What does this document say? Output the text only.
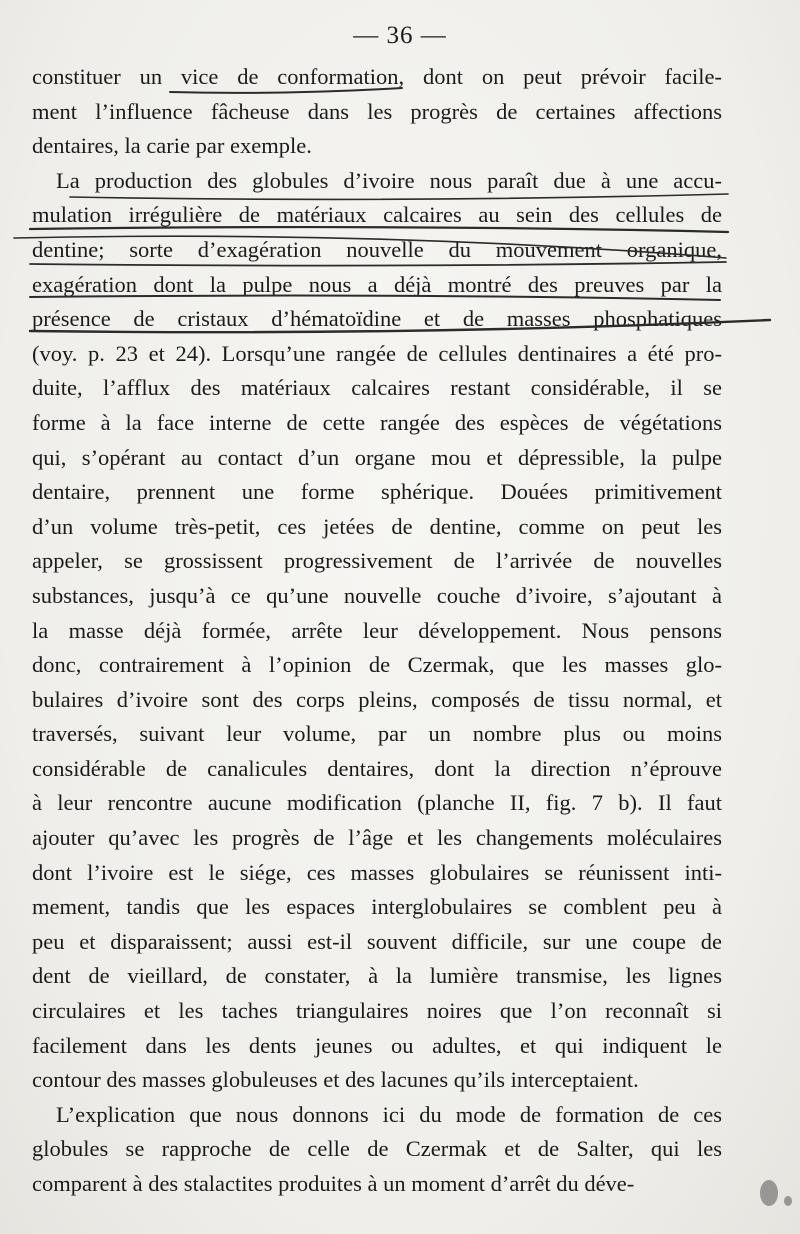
— 36 —
constituer un vice de conformation, dont on peut prévoir facile-
ment l’influence fâcheuse dans les progrès de certaines affections
dentaires, la carie par exemple.
La production des globules d’ivoire nous paraît due à une accu-
mulation irrégulière de matériaux calcaires au sein des cellules de
dentine; sorte d’exagération nouvelle du mouvement organique,
exagération dont la pulpe nous a déjà montré des preuves par la
présence de cristaux d’hématoïdine et de masses phosphatiques
(voy. p. 23 et 24). Lorsqu’une rangée de cellules dentinaires a été pro-
duite, l’afflux des matériaux calcaires restant considérable, il se
forme à la face interne de cette rangée des espèces de végétations
qui, s’opérant au contact d’un organe mou et dépressible, la pulpe
dentaire, prennent une forme sphérique. Douées primitivement
d’un volume très-petit, ces jetées de dentine, comme on peut les
appeler, se grossissent progressivement de l’arrivée de nouvelles
substances, jusqu’à ce qu’une nouvelle couche d’ivoire, s’ajoutant à
la masse déjà formée, arrête leur développement. Nous pensons
donc, contrairement à l’opinion de Czermak, que les masses glo-
bulaires d’ivoire sont des corps pleins, composés de tissu normal, et
traversés, suivant leur volume, par un nombre plus ou moins
considérable de canalicules dentaires, dont la direction n’éprouve
à leur rencontre aucune modification (planche II, fig. 7 b). Il faut
ajouter qu’avec les progrès de l’âge et les changements moléculaires
dont l’ivoire est le siége, ces masses globulaires se réunissent inti-
mement, tandis que les espaces interglobulaires se comblent peu à
peu et disparaissent; aussi est-il souvent difficile, sur une coupe de
dent de vieillard, de constater, à la lumière transmise, les lignes
circulaires et les taches triangulaires noires que l’on reconnaît si
facilement dans les dents jeunes ou adultes, et qui indiquent le
contour des masses globuleuses et des lacunes qu’ils interceptaient.
L’explication que nous donnons ici du mode de formation de ces
globules se rapproche de celle de Czermak et de Salter, qui les
comparent à des stalactites produites à un moment d’arrêt du déve-
